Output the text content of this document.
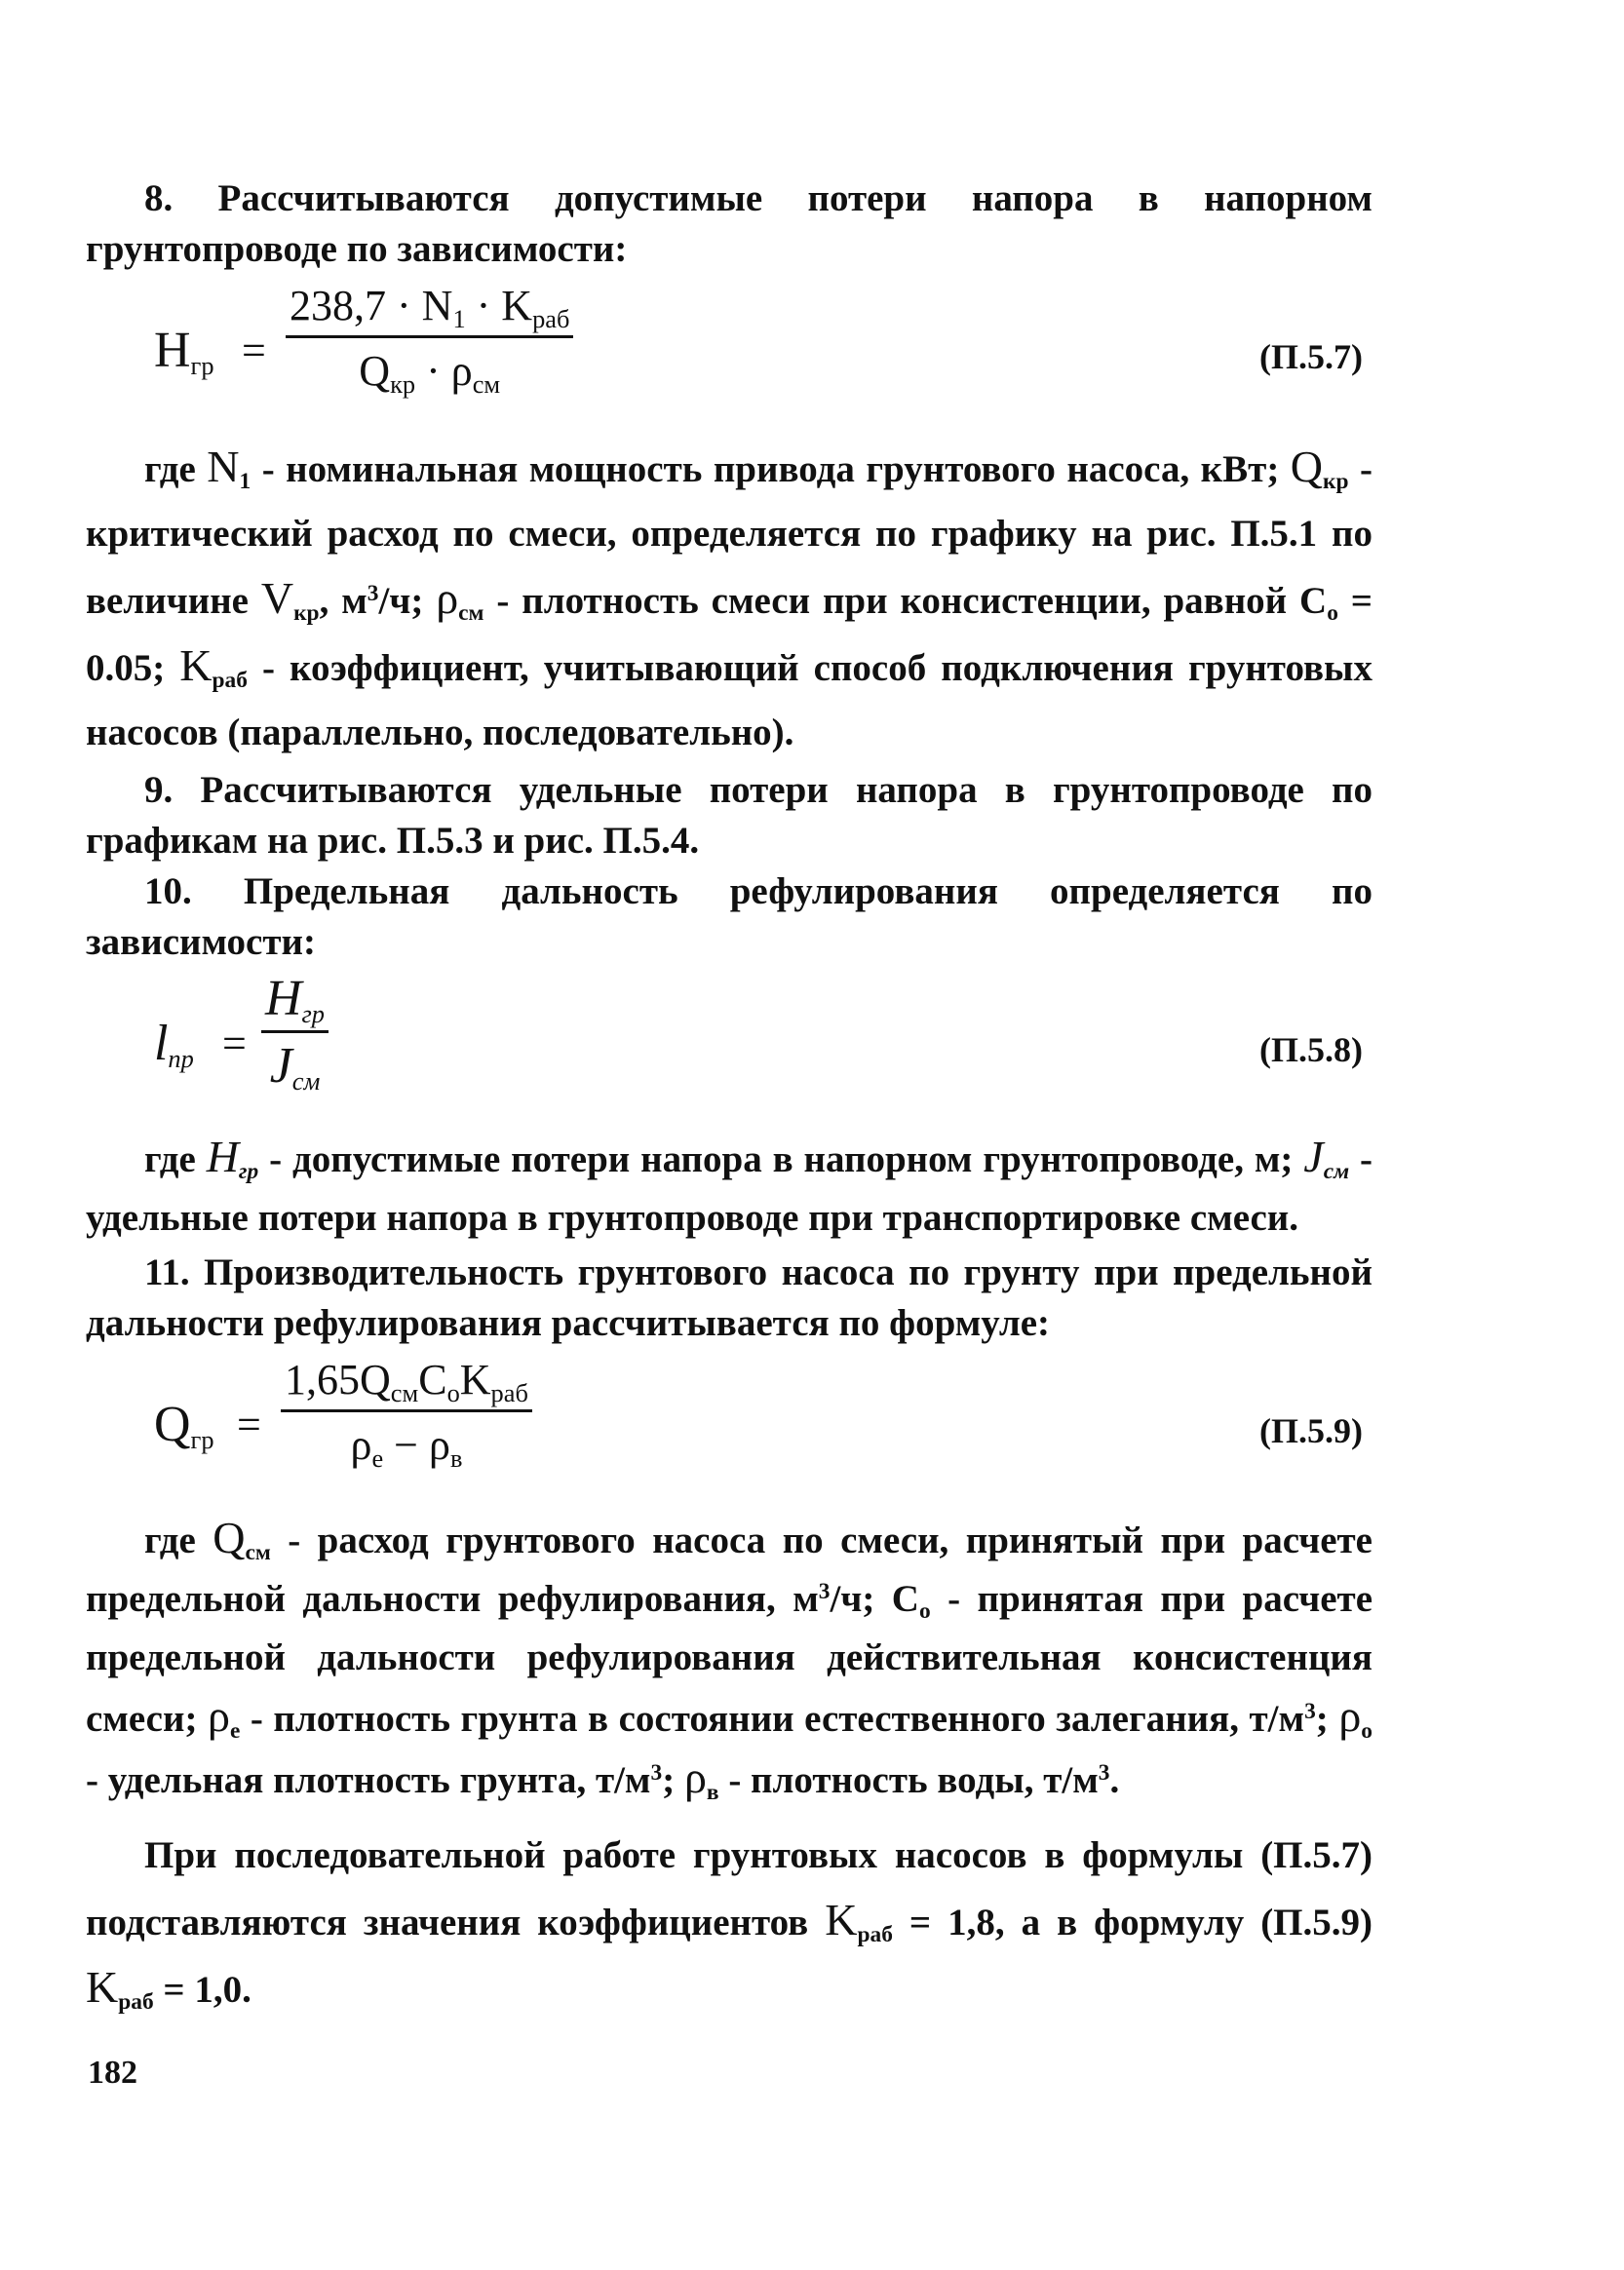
8. Рассчитываются допустимые потери напора в напорном грунтопроводе по зависимости:

$H_{гр}$ =
$238,7 \cdot N_1 \cdot K_{раб}$
$Q_{кр} \cdot \rho_{см}$
(П.5.7)

где $N_1$ - номинальная мощность привода грунтового насоса, кВт; $Q_{кр}$ - критический расход по смеси, определяется по графику на рис. П.5.1 по величине $V_{кр}$, $м^3/ч$; $\rho_{см}$ - плотность смеси при консистенции, равной $C_o = 0.05$; $K_{раб}$ - коэффициент, учитывающий способ подключения грунтовых насосов (параллельно, последовательно).

9. Рассчитываются удельные потери напора в грунтопроводе по графикам на рис. П.5.3 и рис. П.5.4.

10. Предельная дальность рефулирования определяется по зависимости:

$l_{пр}$ =
$H_{гр}$
$J_{см}$
(П.5.8)

где $H_{гр}$ - допустимые потери напора в напорном грунтопроводе, м; $J_{см}$ - удельные потери напора в грунтопроводе при транспортировке смеси.

11. Производительность грунтового насоса по грунту при предельной дальности рефулирования рассчитывается по формуле:

$Q_{гр}$ =
$1,65Q_{см}C_оK_{раб}$
$\rho_е - \rho_в$
(П.5.9)

где $Q_{см}$ - расход грунтового насоса по смеси, принятый при расчете предельной дальности рефулирования, $м^3/ч$; $C_о$ - принятая при расчете предельной дальности рефулирования действительная консистенция смеси; $\rho_е$ - плотность грунта в состоянии естественного залегания, $т/м^3$; $\rho_о$ - удельная плотность грунта, $т/м^3$; $\rho_в$ - плотность воды, $т/м^3$.

При последовательной работе грунтовых насосов в формулы (П.5.7) подставляются значения коэффициентов $K_{раб} = 1,8$, а в формулу (П.5.9) $K_{раб} = 1,0$.

182
